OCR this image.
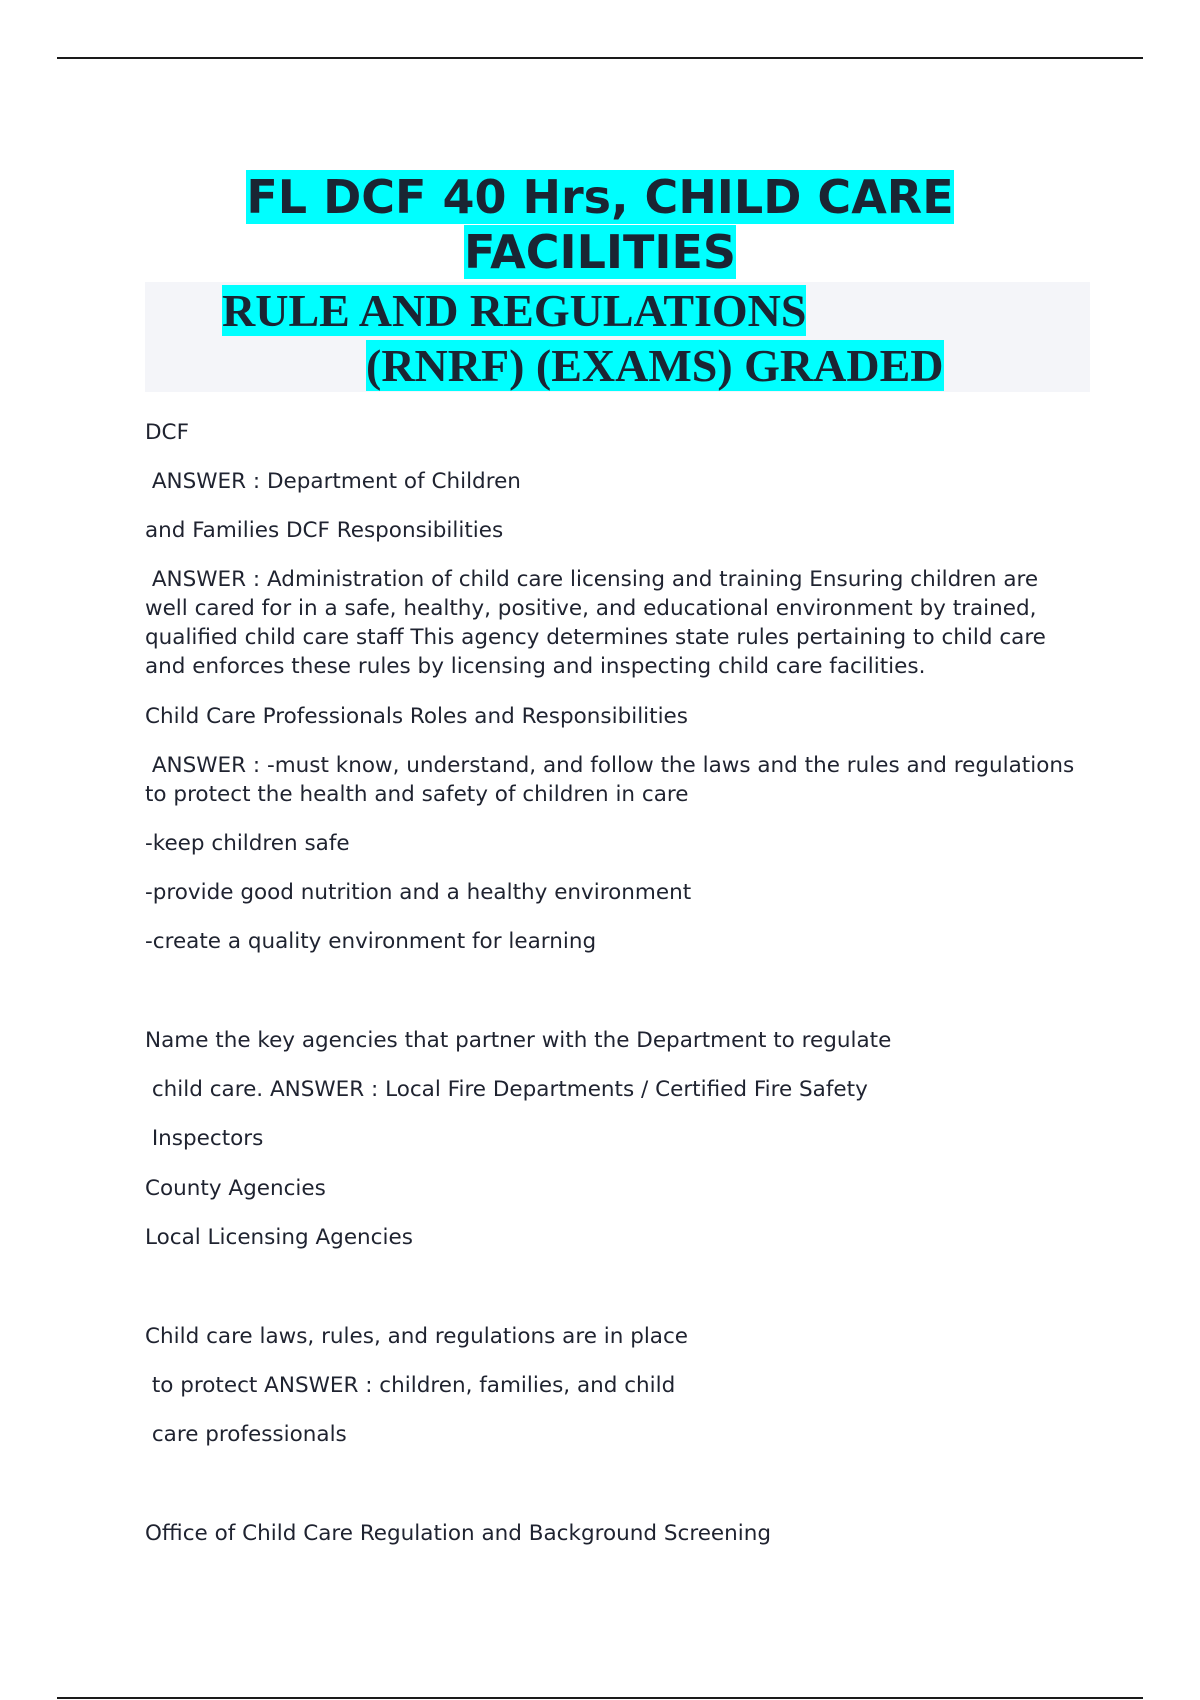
FL DCF 40 Hrs, CHILD CARE
FACILITIES
RULE AND REGULATIONS
(RNRF) (EXAMS) GRADED

DCF

ANSWER : Department of Children

and Families DCF Responsibilities

ANSWER : Administration of child care licensing and training Ensuring children are well cared for in a safe, healthy, positive, and educational environment by trained, qualified child care staff This agency determines state rules pertaining to child care and enforces these rules by licensing and inspecting child care facilities.

Child Care Professionals Roles and Responsibilities

ANSWER : -must know, understand, and follow the laws and the rules and regulations to protect the health and safety of children in care

-keep children safe

-provide good nutrition and a healthy environment

-create a quality environment for learning

Name the key agencies that partner with the Department to regulate

child care. ANSWER : Local Fire Departments / Certified Fire Safety

Inspectors

County Agencies

Local Licensing Agencies

Child care laws, rules, and regulations are in place

to protect ANSWER : children, families, and child

care professionals

Office of Child Care Regulation and Background Screening
